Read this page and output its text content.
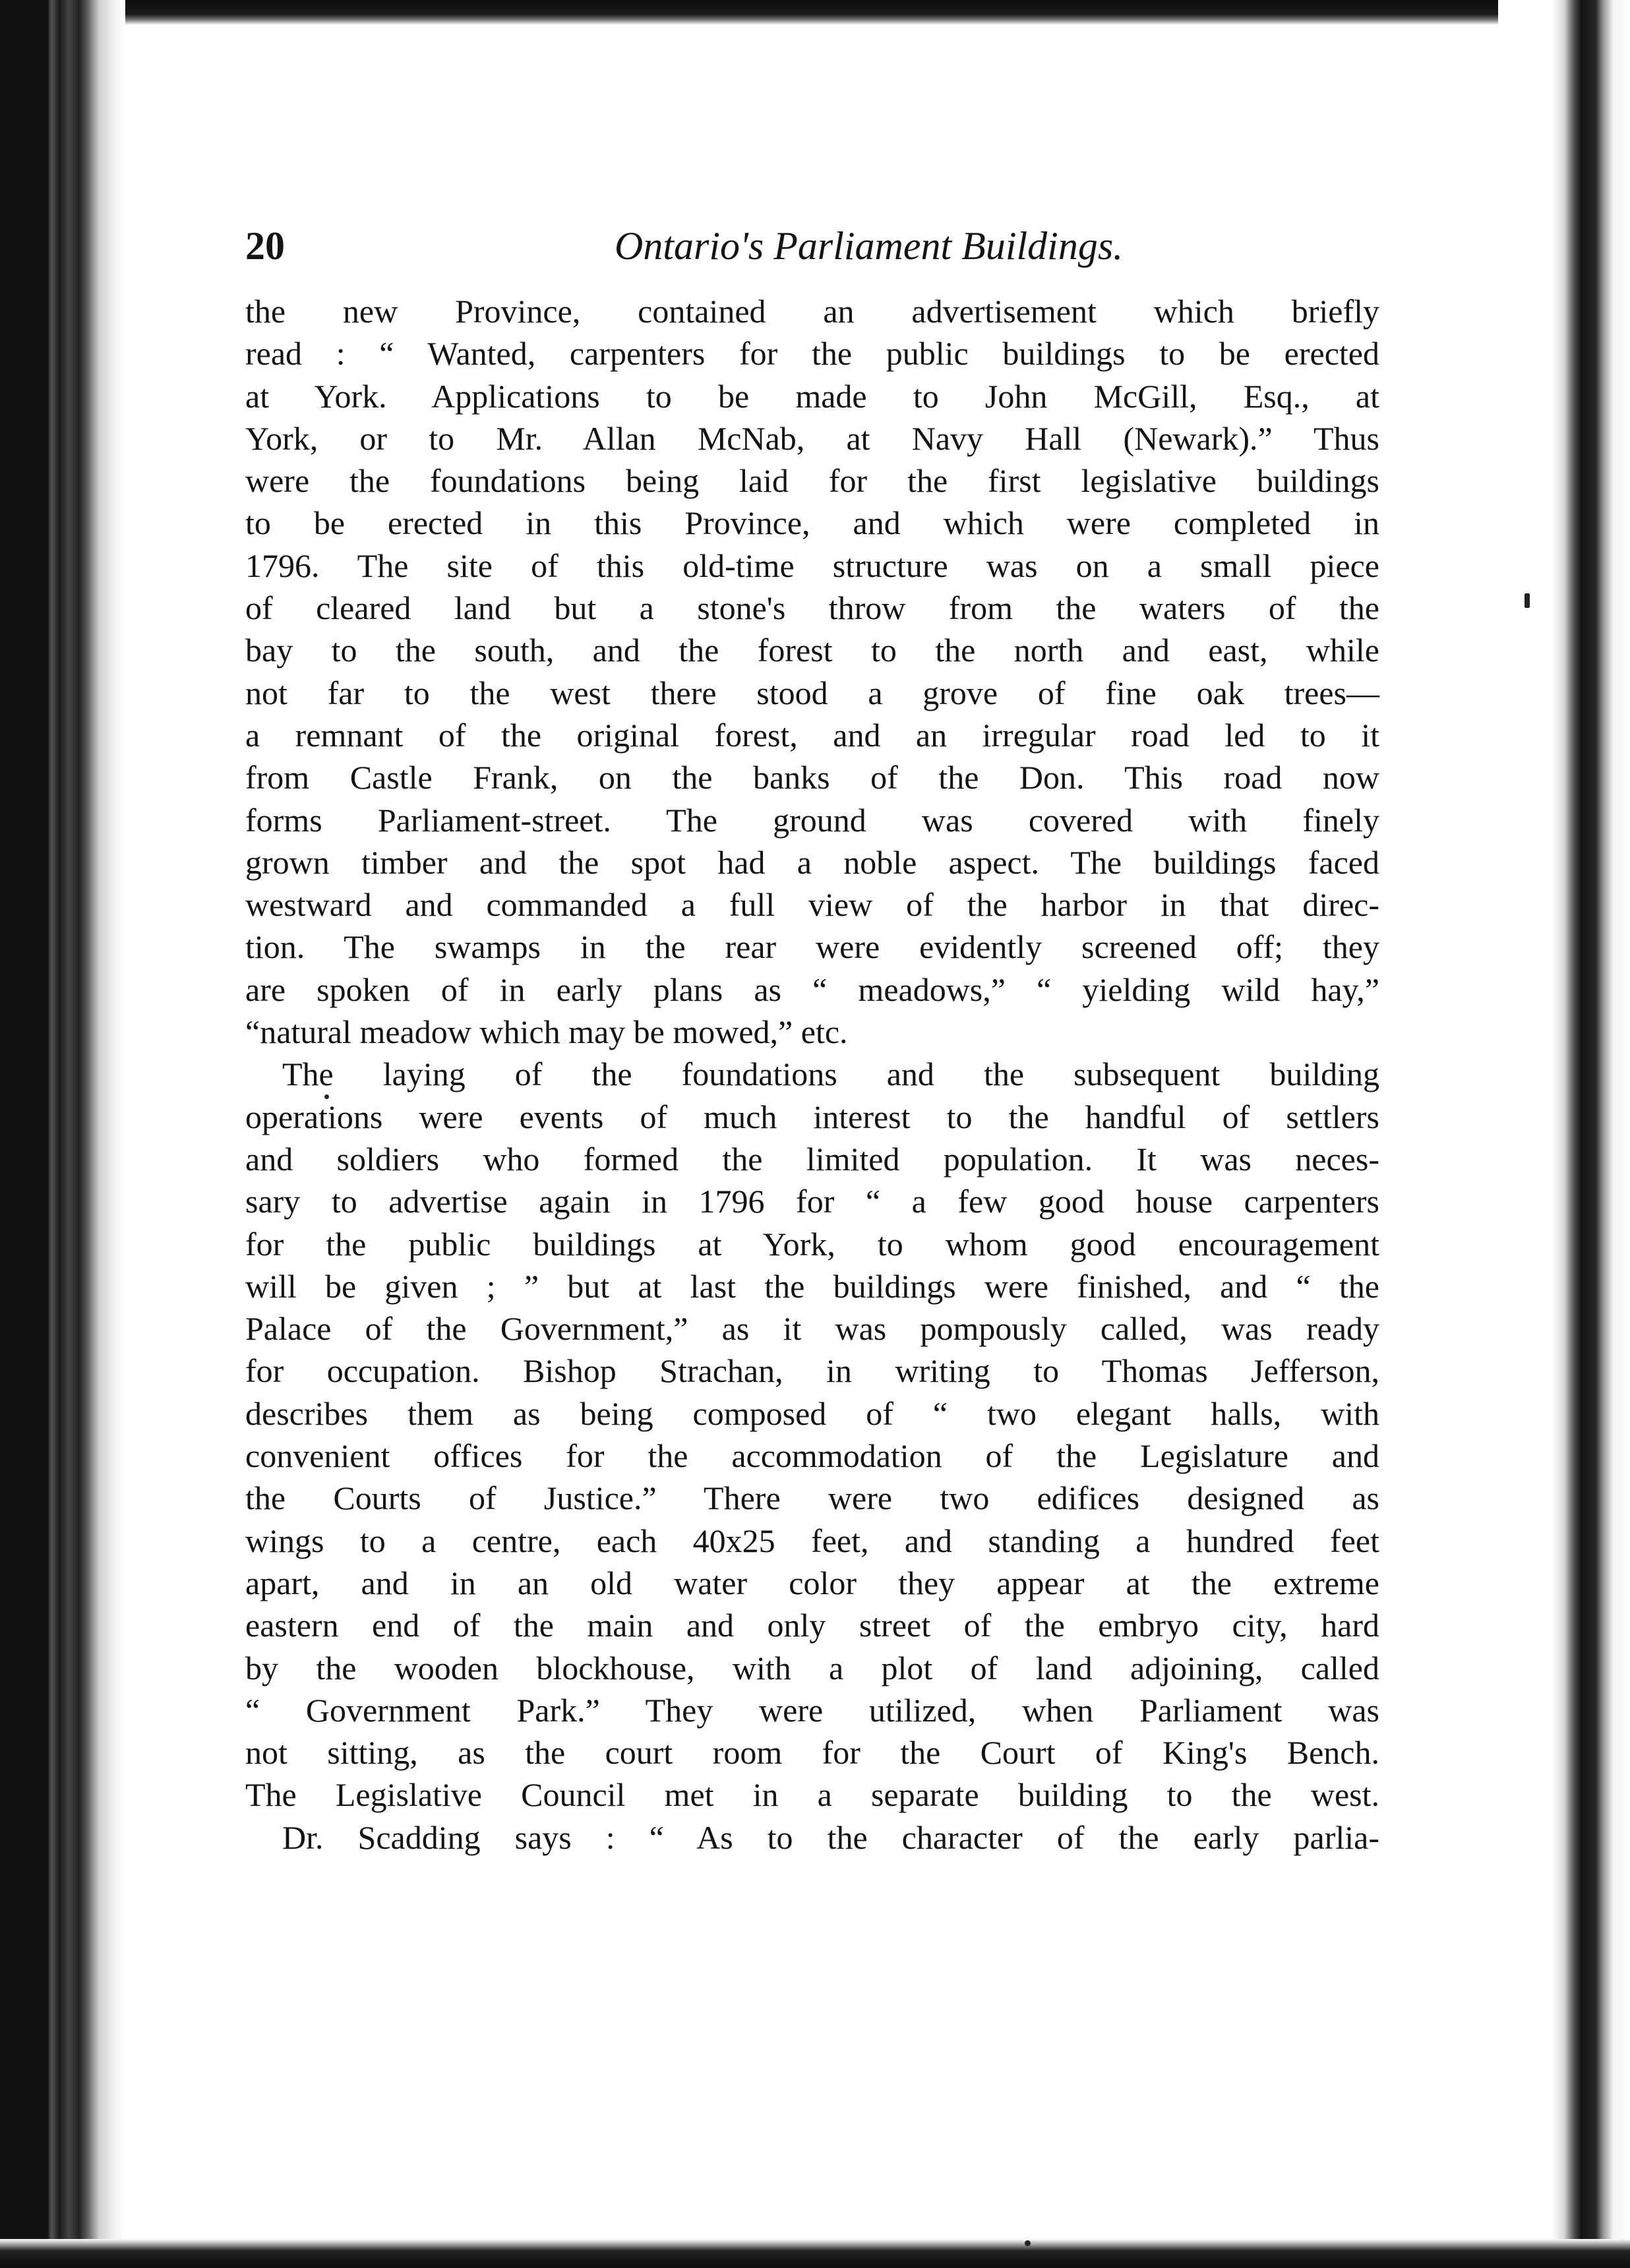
20	Ontario's Parliament Buildings.
the new Province, contained an advertisement which briefly
read : “ Wanted, carpenters for the public buildings to be erected
at York. Applications to be made to John McGill, Esq., at
York, or to Mr. Allan McNab, at Navy Hall (Newark).” Thus
were the foundations being laid for the first legislative buildings
to be erected in this Province, and which were completed in
1796. The site of this old-time structure was on a small piece
of cleared land but a stone's throw from the waters of the
bay to the south, and the forest to the north and east, while
not far to the west there stood a grove of fine oak trees—
a remnant of the original forest, and an irregular road led to it
from Castle Frank, on the banks of the Don. This road now
forms Parliament-street. The ground was covered with finely
grown timber and the spot had a noble aspect. The buildings faced
westward and commanded a full view of the harbor in that direc-
tion. The swamps in the rear were evidently screened off; they
are spoken of in early plans as “ meadows,” “ yielding wild hay,”
“natural meadow which may be mowed,” etc.
The laying of the foundations and the subsequent building
operations were events of much interest to the handful of settlers
and soldiers who formed the limited population. It was neces-
sary to advertise again in 1796 for “ a few good house carpenters
for the public buildings at York, to whom good encouragement
will be given ; ” but at last the buildings were finished, and “ the
Palace of the Government,” as it was pompously called, was ready
for occupation. Bishop Strachan, in writing to Thomas Jefferson,
describes them as being composed of “ two elegant halls, with
convenient offices for the accommodation of the Legislature and
the Courts of Justice.” There were two edifices designed as
wings to a centre, each 40x25 feet, and standing a hundred feet
apart, and in an old water color they appear at the extreme
eastern end of the main and only street of the embryo city, hard
by the wooden blockhouse, with a plot of land adjoining, called
“ Government Park.” They were utilized, when Parliament was
not sitting, as the court room for the Court of King's Bench.
The Legislative Council met in a separate building to the west.
Dr. Scadding says : “ As to the character of the early parlia-
